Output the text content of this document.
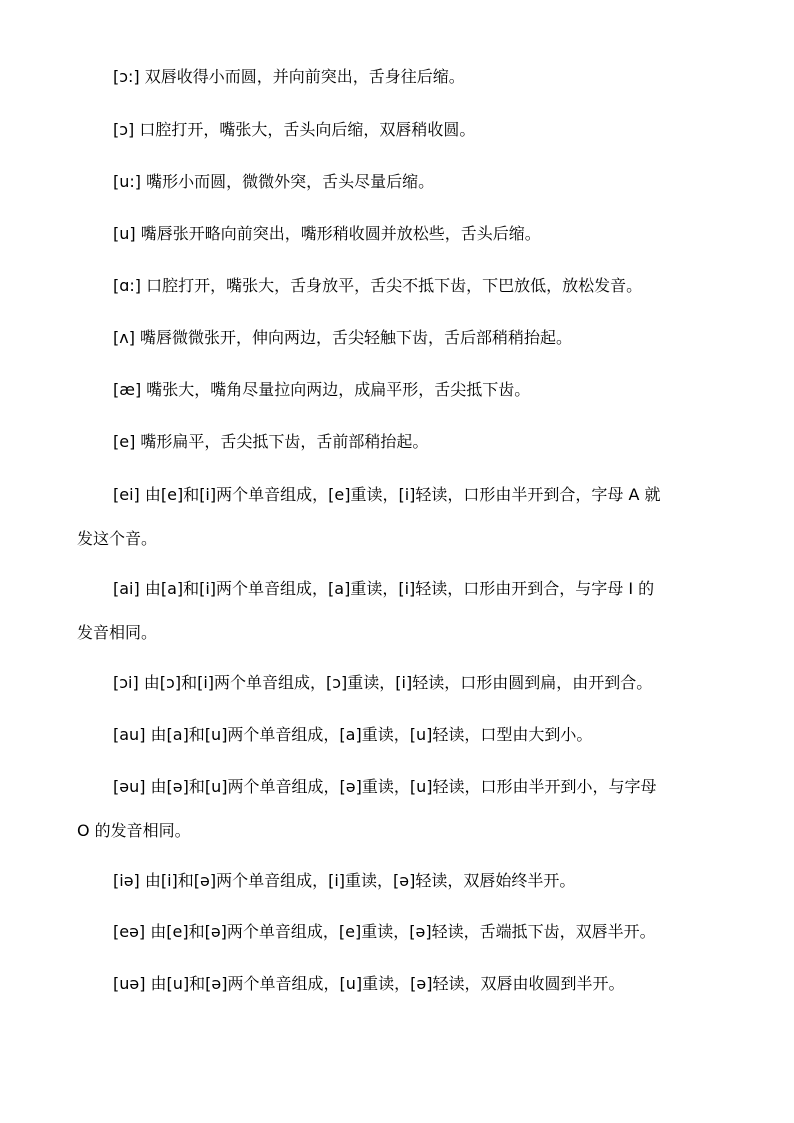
[ɔ:] 双唇收得小而圆，并向前突出，舌身往后缩。
[ɔ] 口腔打开，嘴张大，舌头向后缩，双唇稍收圆。
[u:] 嘴形小而圆，微微外突，舌头尽量后缩。
[u] 嘴唇张开略向前突出，嘴形稍收圆并放松些，舌头后缩。
[ɑ:] 口腔打开，嘴张大，舌身放平，舌尖不抵下齿，下巴放低，放松发音。
[ʌ] 嘴唇微微张开，伸向两边，舌尖轻触下齿，舌后部稍稍抬起。
[æ] 嘴张大，嘴角尽量拉向两边，成扁平形，舌尖抵下齿。
[e] 嘴形扁平，舌尖抵下齿，舌前部稍抬起。
[ei] 由[e]和[i]两个单音组成，[e]重读，[i]轻读，口形由半开到合，字母 A 就
发这个音。
[ai] 由[a]和[i]两个单音组成，[a]重读，[i]轻读，口形由开到合，与字母 I 的
发音相同。
[ɔi] 由[ɔ]和[i]两个单音组成，[ɔ]重读，[i]轻读，口形由圆到扁，由开到合。
[au] 由[a]和[u]两个单音组成，[a]重读，[u]轻读，口型由大到小。
[əu] 由[ə]和[u]两个单音组成，[ə]重读，[u]轻读，口形由半开到小，与字母
O 的发音相同。
[iə] 由[i]和[ə]两个单音组成，[i]重读，[ə]轻读，双唇始终半开。
[eə] 由[e]和[ə]两个单音组成，[e]重读，[ə]轻读，舌端抵下齿，双唇半开。
[uə] 由[u]和[ə]两个单音组成，[u]重读，[ə]轻读，双唇由收圆到半开。
